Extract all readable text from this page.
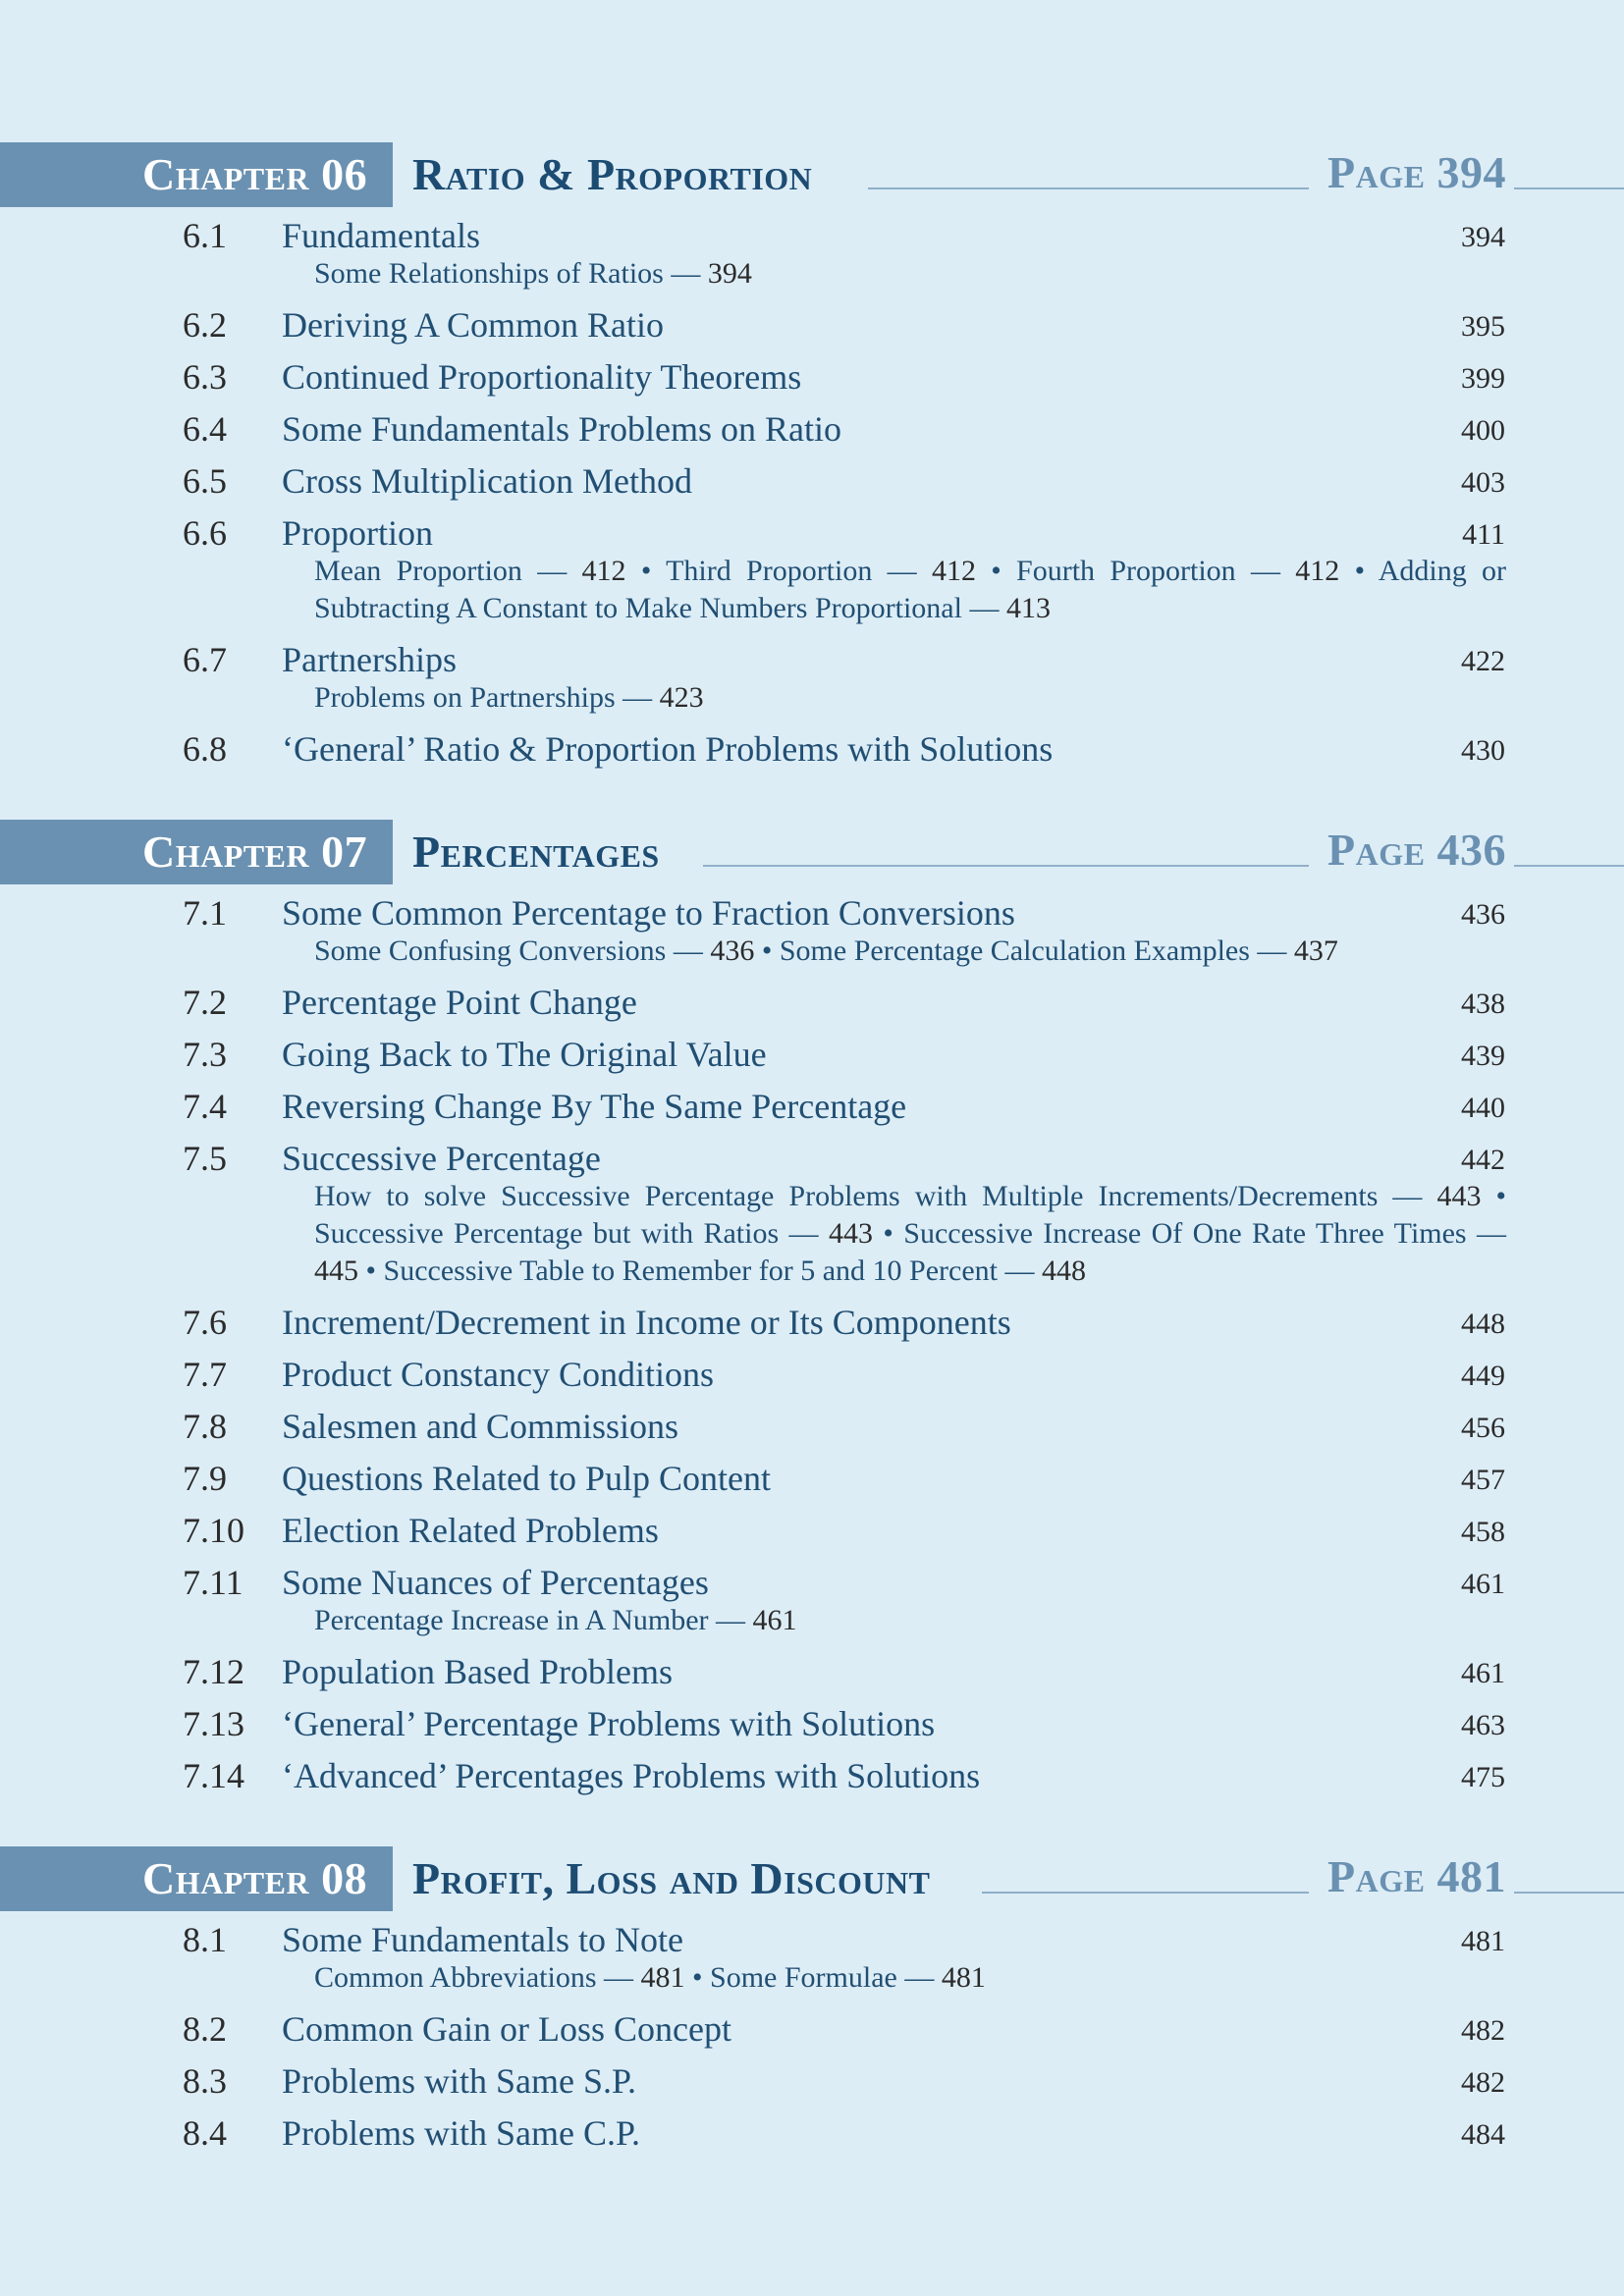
Chapter 06 Ratio & Proportion	Page 394
6.1 Fundamentals	394
Some Relationships of Ratios — 394
6.2 Deriving A Common Ratio	395
6.3 Continued Proportionality Theorems	399
6.4 Some Fundamentals Problems on Ratio	400
6.5 Cross Multiplication Method	403
6.6 Proportion	411
Mean Proportion — 412 • Third Proportion — 412 • Fourth Proportion — 412 • Adding or Subtracting A Constant to Make Numbers Proportional — 413
6.7 Partnerships	422
Problems on Partnerships — 423
6.8 ‘General’ Ratio & Proportion Problems with Solutions	430
Chapter 07 Percentages	Page 436
7.1 Some Common Percentage to Fraction Conversions	436
Some Confusing Conversions — 436 • Some Percentage Calculation Examples — 437
7.2 Percentage Point Change	438
7.3 Going Back to The Original Value	439
7.4 Reversing Change By The Same Percentage	440
7.5 Successive Percentage	442
How to solve Successive Percentage Problems with Multiple Increments/Decrements — 443 • Successive Percentage but with Ratios — 443 • Successive Increase Of One Rate Three Times — 445 • Successive Table to Remember for 5 and 10 Percent — 448
7.6 Increment/Decrement in Income or Its Components	448
7.7 Product Constancy Conditions	449
7.8 Salesmen and Commissions	456
7.9 Questions Related to Pulp Content	457
7.10 Election Related Problems	458
7.11 Some Nuances of Percentages	461
Percentage Increase in A Number — 461
7.12 Population Based Problems	461
7.13 ‘General’ Percentage Problems with Solutions	463
7.14 ‘Advanced’ Percentages Problems with Solutions	475
Chapter 08 Profit, Loss and Discount	Page 481
8.1 Some Fundamentals to Note	481
Common Abbreviations — 481 • Some Formulae — 481
8.2 Common Gain or Loss Concept	482
8.3 Problems with Same S.P.	482
8.4 Problems with Same C.P.	484
